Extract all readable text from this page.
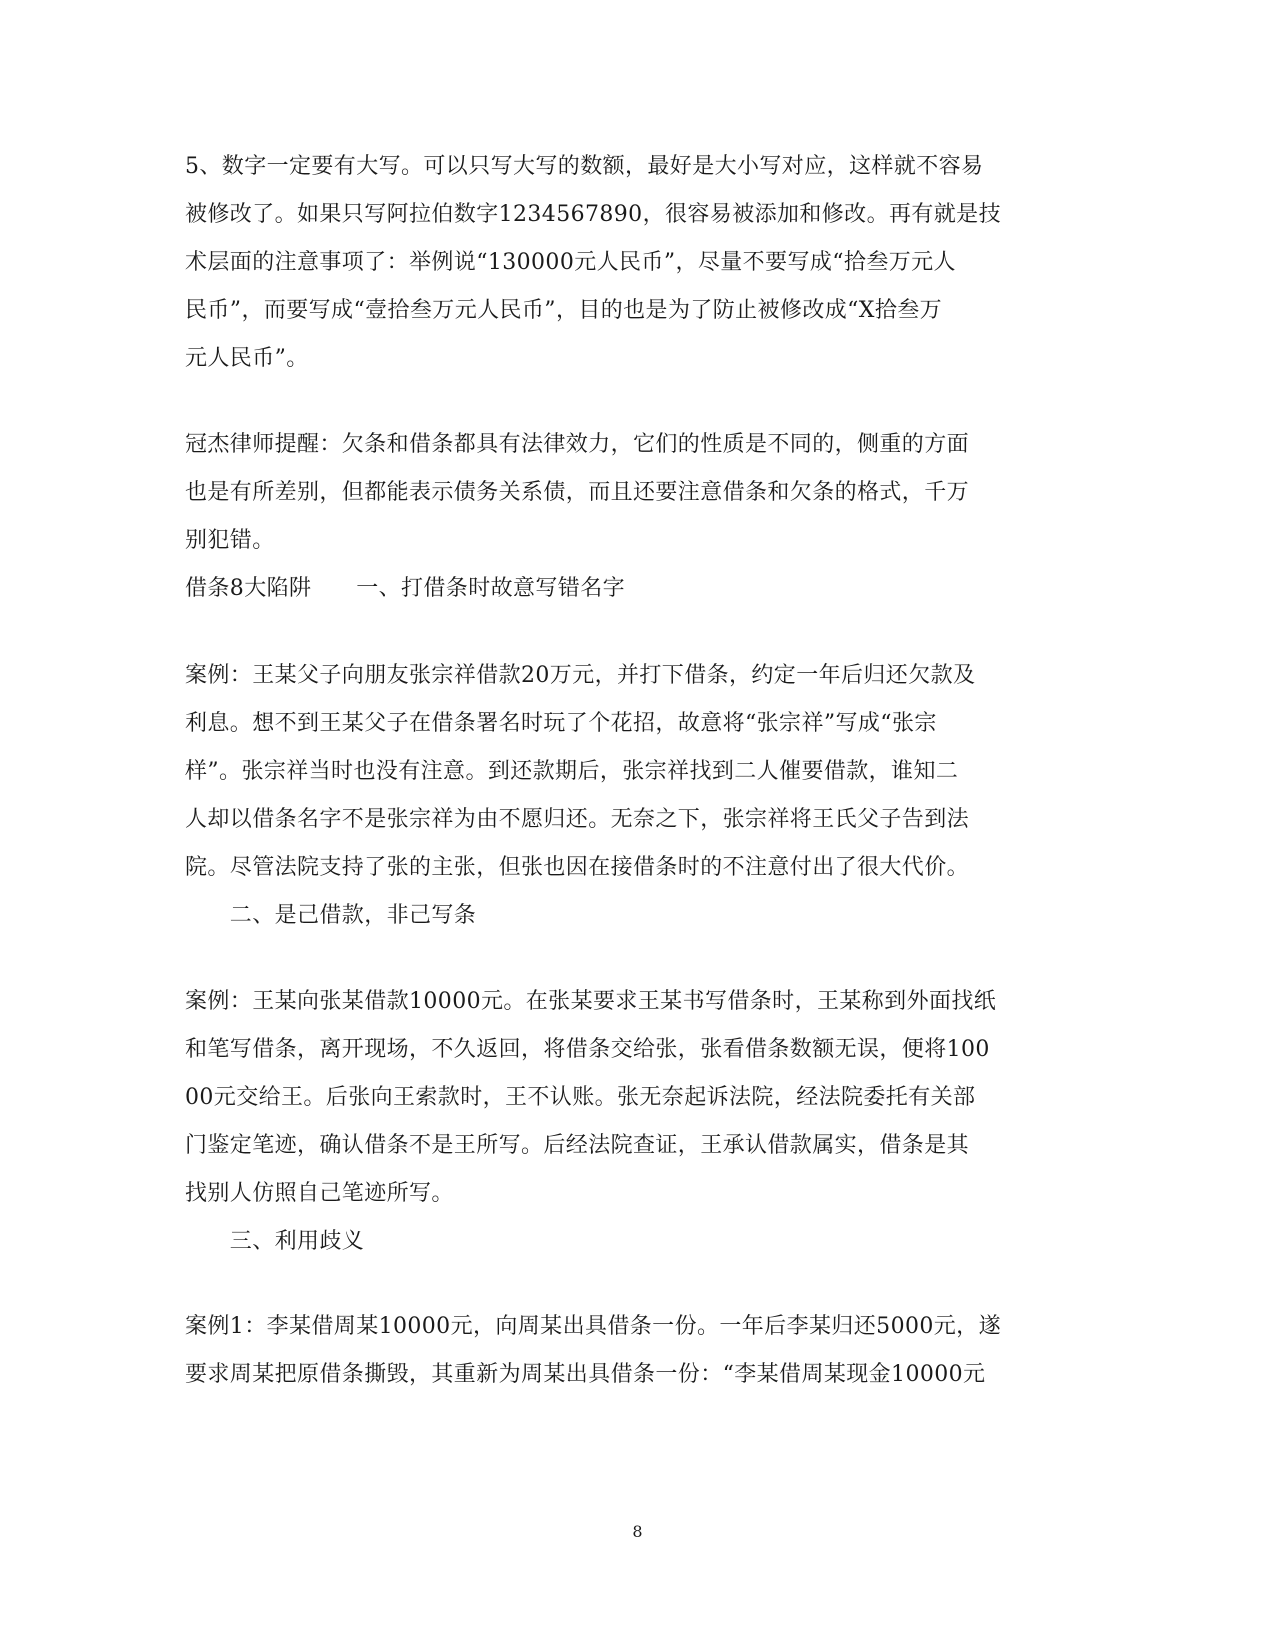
5、数字一定要有大写。可以只写大写的数额，最好是大小写对应，这样就不容易
被修改了。如果只写阿拉伯数字1234567890，很容易被添加和修改。再有就是技
术层面的注意事项了：举例说“130000元人民币”，尽量不要写成“拾叁万元人
民币”，而要写成“壹拾叁万元人民币”，目的也是为了防止被修改成“X拾叁万
元人民币”。
冠杰律师提醒：欠条和借条都具有法律效力，它们的性质是不同的，侧重的方面
也是有所差别，但都能表示债务关系债，而且还要注意借条和欠条的格式，千万
别犯错。
借条8大陷阱　　一、打借条时故意写错名字
案例：王某父子向朋友张宗祥借款20万元，并打下借条，约定一年后归还欠款及
利息。想不到王某父子在借条署名时玩了个花招，故意将“张宗祥”写成“张宗
样”。张宗祥当时也没有注意。到还款期后，张宗祥找到二人催要借款，谁知二
人却以借条名字不是张宗祥为由不愿归还。无奈之下，张宗祥将王氏父子告到法
院。尽管法院支持了张的主张，但张也因在接借条时的不注意付出了很大代价。
　　二、是己借款，非己写条
案例：王某向张某借款10000元。在张某要求王某书写借条时，王某称到外面找纸
和笔写借条，离开现场，不久返回，将借条交给张，张看借条数额无误，便将100
00元交给王。后张向王索款时，王不认账。张无奈起诉法院，经法院委托有关部
门鉴定笔迹，确认借条不是王所写。后经法院查证，王承认借款属实，借条是其
找别人仿照自己笔迹所写。
　　三、利用歧义
案例1：李某借周某10000元，向周某出具借条一份。一年后李某归还5000元，遂
要求周某把原借条撕毁，其重新为周某出具借条一份：“李某借周某现金10000元
8
